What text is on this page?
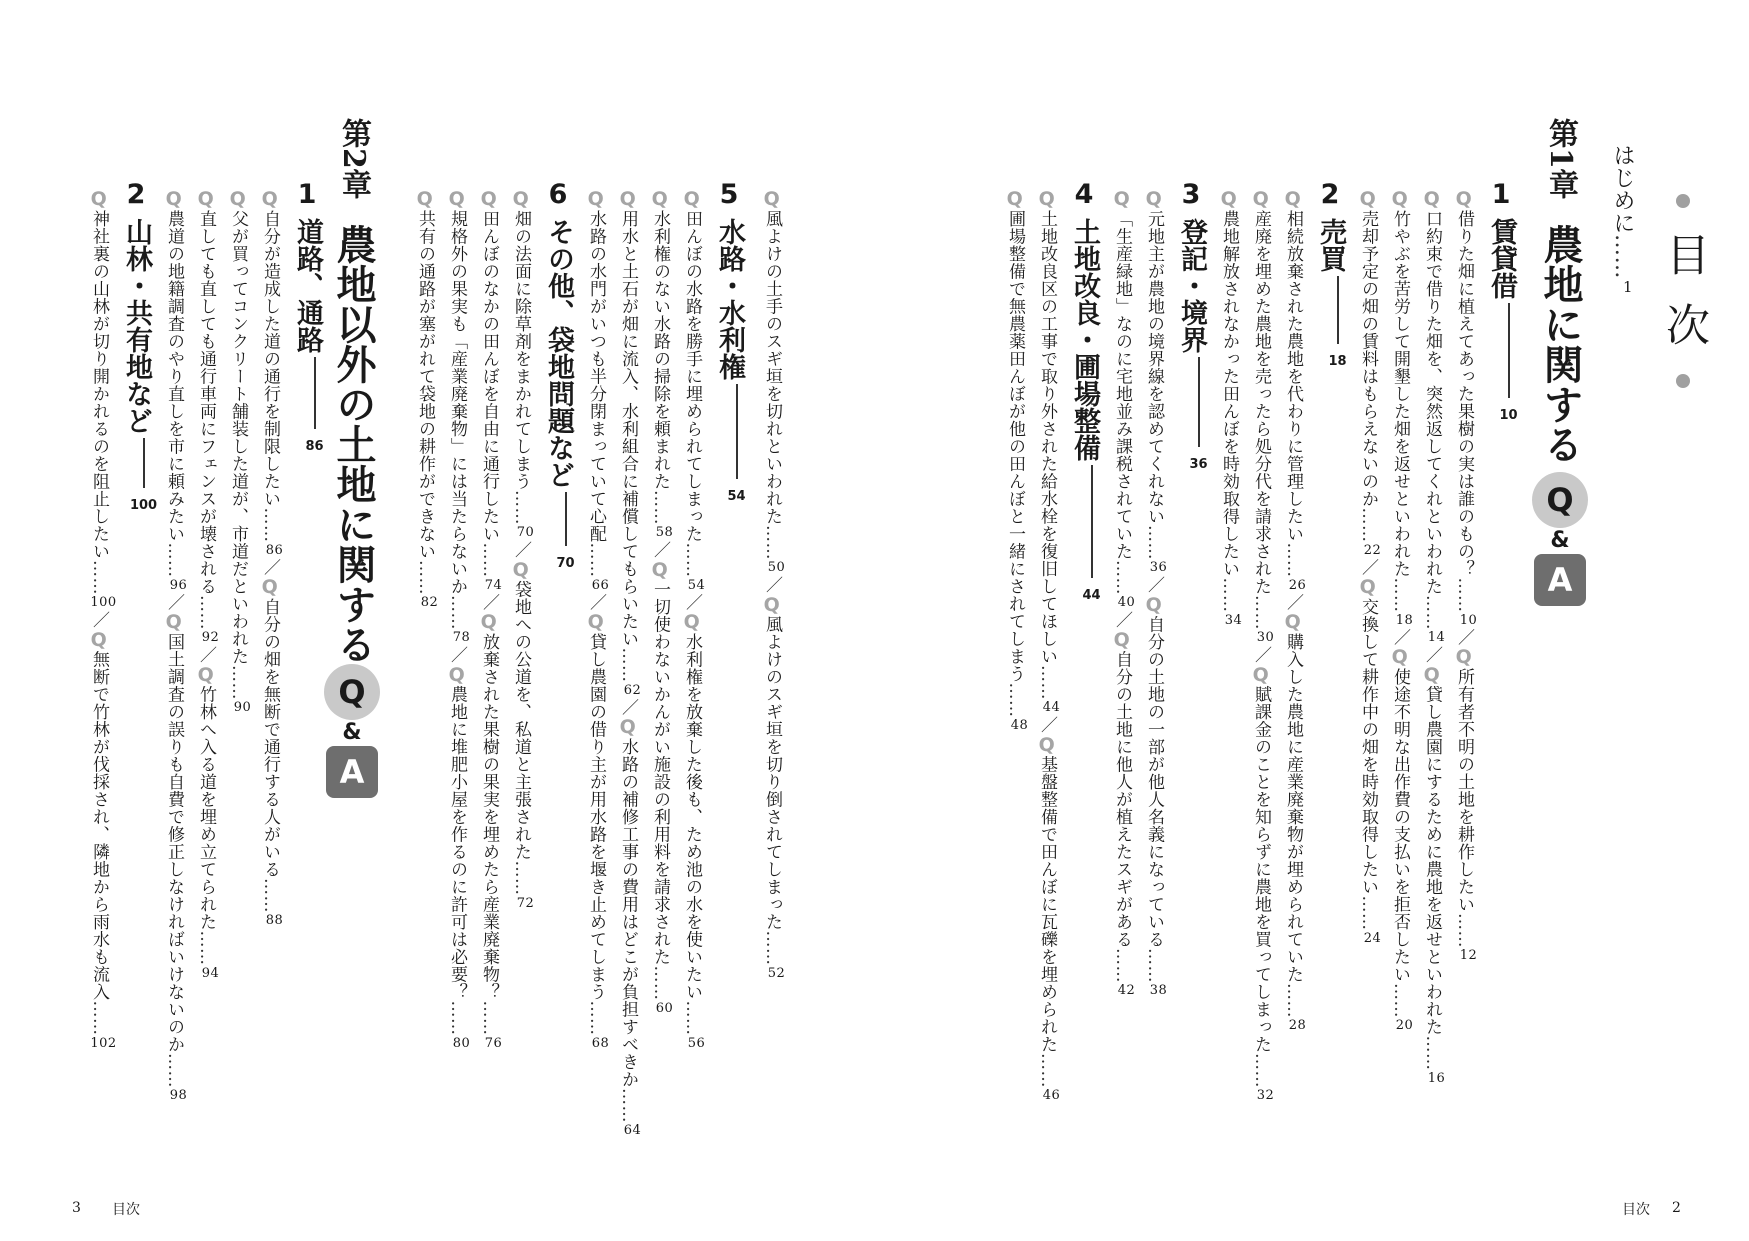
目 次
はじめに……1
第1章
農地に関する
Q
&
A
第2章
農地以外の土地に関する
Q
&
A
1賃貸借10
Q借りた畑に植えてあった果樹の実は誰のもの？……10／Q所有者不明の土地を耕作したい……12
Q口約束で借りた畑を、突然返してくれといわれた……14／Q貸し農園にするために農地を返せといわれた……16
Q竹やぶを苦労して開墾した畑を返せといわれた……18／Q使途不明な出作費の支払いを拒否したい……20
Q売却予定の畑の賃料はもらえないのか……22／Q交換して耕作中の畑を時効取得したい……24
2売買18
Q相続放棄された農地を代わりに管理したい……26／Q購入した農地に産業廃棄物が埋められていた……28
Q産廃を埋めた農地を売ったら処分代を請求された……30／Q賦課金のことを知らずに農地を買ってしまった……32
Q農地解放されなかった田んぼを時効取得したい……34
3登記・境界36
Q元地主が農地の境界線を認めてくれない……36／Q自分の土地の一部が他人名義になっている……38
Q「生産緑地」なのに宅地並み課税されていた……40／Q自分の土地に他人が植えたスギがある……42
4土地改良・圃場整備44
Q土地改良区の工事で取り外された給水栓を復旧してほしい……44／Q基盤整備で田んぼに瓦礫を埋められた……46
Q圃場整備で無農薬田んぼが他の田んぼと一緒にされてしまう……48
5水路・水利権54
Q風よけの土手のスギ垣を切れといわれた……50／Q風よけのスギ垣を切り倒されてしまった……52
Q田んぼの水路を勝手に埋められてしまった……54／Q水利権を放棄した後も、ため池の水を使いたい……56
Q水利権のない水路の掃除を頼まれた……58／Q一切使わないかんがい施設の利用料を請求された……60
Q用水と土石が畑に流入、水利組合に補償してもらいたい……62／Q水路の補修工事の費用はどこが負担すべきか……64
Q水路の水門がいつも半分閉まっていて心配……66／Q貸し農園の借り主が用水路を堰き止めてしまう……68
6その他、袋地問題など70
Q畑の法面に除草剤をまかれてしまう……70／Q袋地への公道を、私道と主張された……72
Q田んぼのなかの田んぼを自由に通行したい……74／Q放棄された果樹の果実を埋めたら産業廃棄物？……76
Q規格外の果実も「産業廃棄物」には当たらないか……78／Q農地に堆肥小屋を作るのに許可は必要？……80
Q共有の通路が塞がれて袋地の耕作ができない……82
1道路、通路86
Q自分が造成した道の通行を制限したい……86／Q自分の畑を無断で通行する人がいる……88
Q父が買ってコンクリート舗装した道が、市道だといわれた……90
Q直しても直しても通行車両にフェンスが壊される……92／Q竹林へ入る道を埋め立てられた……94
Q農道の地籍調査のやり直しを市に頼みたい……96／Q国土調査の誤りも自費で修正しなければいけないのか……98
2山林・共有地など100
Q神社裏の山林が切り開かれるのを阻止したい……100／Q無断で竹林が伐採され、隣地から雨水も流入……102
3 目次	目次 2
